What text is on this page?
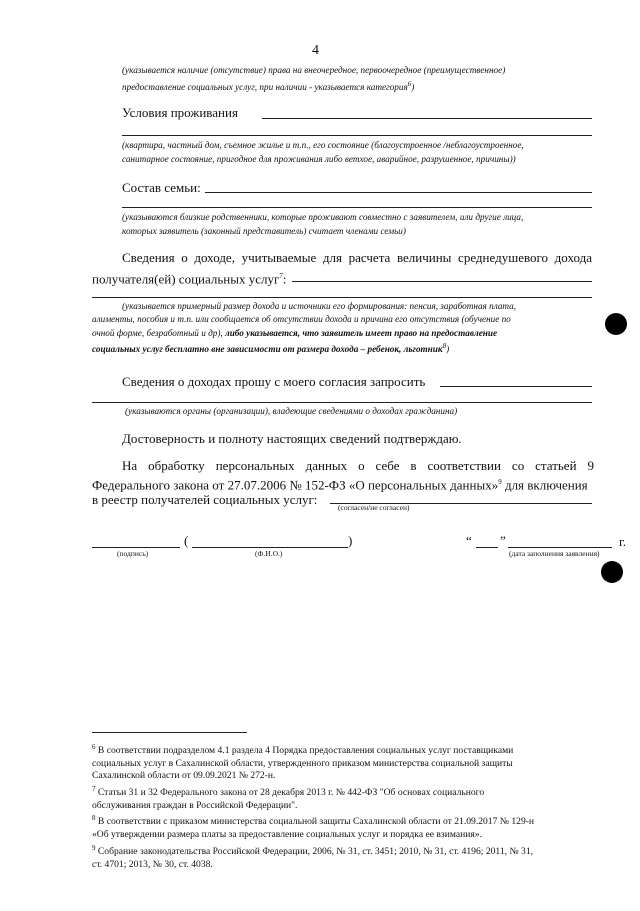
4
(указывается наличие (отсутствие) права на внеочередное, первоочередное (преимущественное)
предоставление социальных услуг, при наличии - указывается категория$^6$)
Условия проживания
(квартира, частный дом, съемное жилье и т.п., его состояние (благоустроенное /неблагоустроенное,
санитарное состояние, пригодное для проживания либо ветхое, аварийное, разрушенное, причины))
Состав семьи:
(указываются близкие родственники, которые проживают совместно с заявителем, или другие лица,
которых заявитель (законный представитель) считает членами семьи)
Сведения о доходе, учитываемые для расчета величины среднедушевого дохода
получателя(ей) социальных услуг$^7$:
(указывается примерный размер дохода и источники его формирования: пенсия, заработная плата,
алименты, пособия и т.п. или сообщается об отсутствии дохода и причина его отсутствия (обучение по
очной форме, безработный и др), либо указывается, что заявитель имеет право на предоставление
социальных услуг бесплатно вне зависимости от размера дохода – ребенок, льготник$^8$)
Сведения о доходах прошу с моего согласия запросить
(указываются органы (организации), владеющие сведениями о доходах гражданина)
Достоверность и полноту настоящих сведений подтверждаю.
На обработку персональных данных о себе в соответствии со статьей 9
Федерального закона от 27.07.2006 № 152-ФЗ «О персональных данных»$^9$ для включения
в реестр получателей социальных услуг:
(согласен/не согласен)
(	)	“ ”	г.
(подпись)	(Ф.И.О.)	(дата заполнения заявления)
$^6$ В соответствии подразделом 4.1 раздела 4 Порядка предоставления социальных услуг поставщиками
социальных услуг в Сахалинской области, утвержденного приказом министерства социальной защиты
Сахалинской области от 09.09.2021 № 272-н.
$^7$ Статьи 31 и 32 Федерального закона от 28 декабря 2013 г. № 442-ФЗ "Об основах социального
обслуживания граждан в Российской Федерации".
$^8$ В соответствии с приказом министерства социальной защиты Сахалинской области от 21.09.2017 № 129-н
«Об утверждении размера платы за предоставление социальных услуг и порядка ее взимания».
$^9$ Собрание законодательства Российской Федерации, 2006, № 31, ст. 3451; 2010, № 31, ст. 4196; 2011, № 31,
ст. 4701; 2013, № 30, ст. 4038.
